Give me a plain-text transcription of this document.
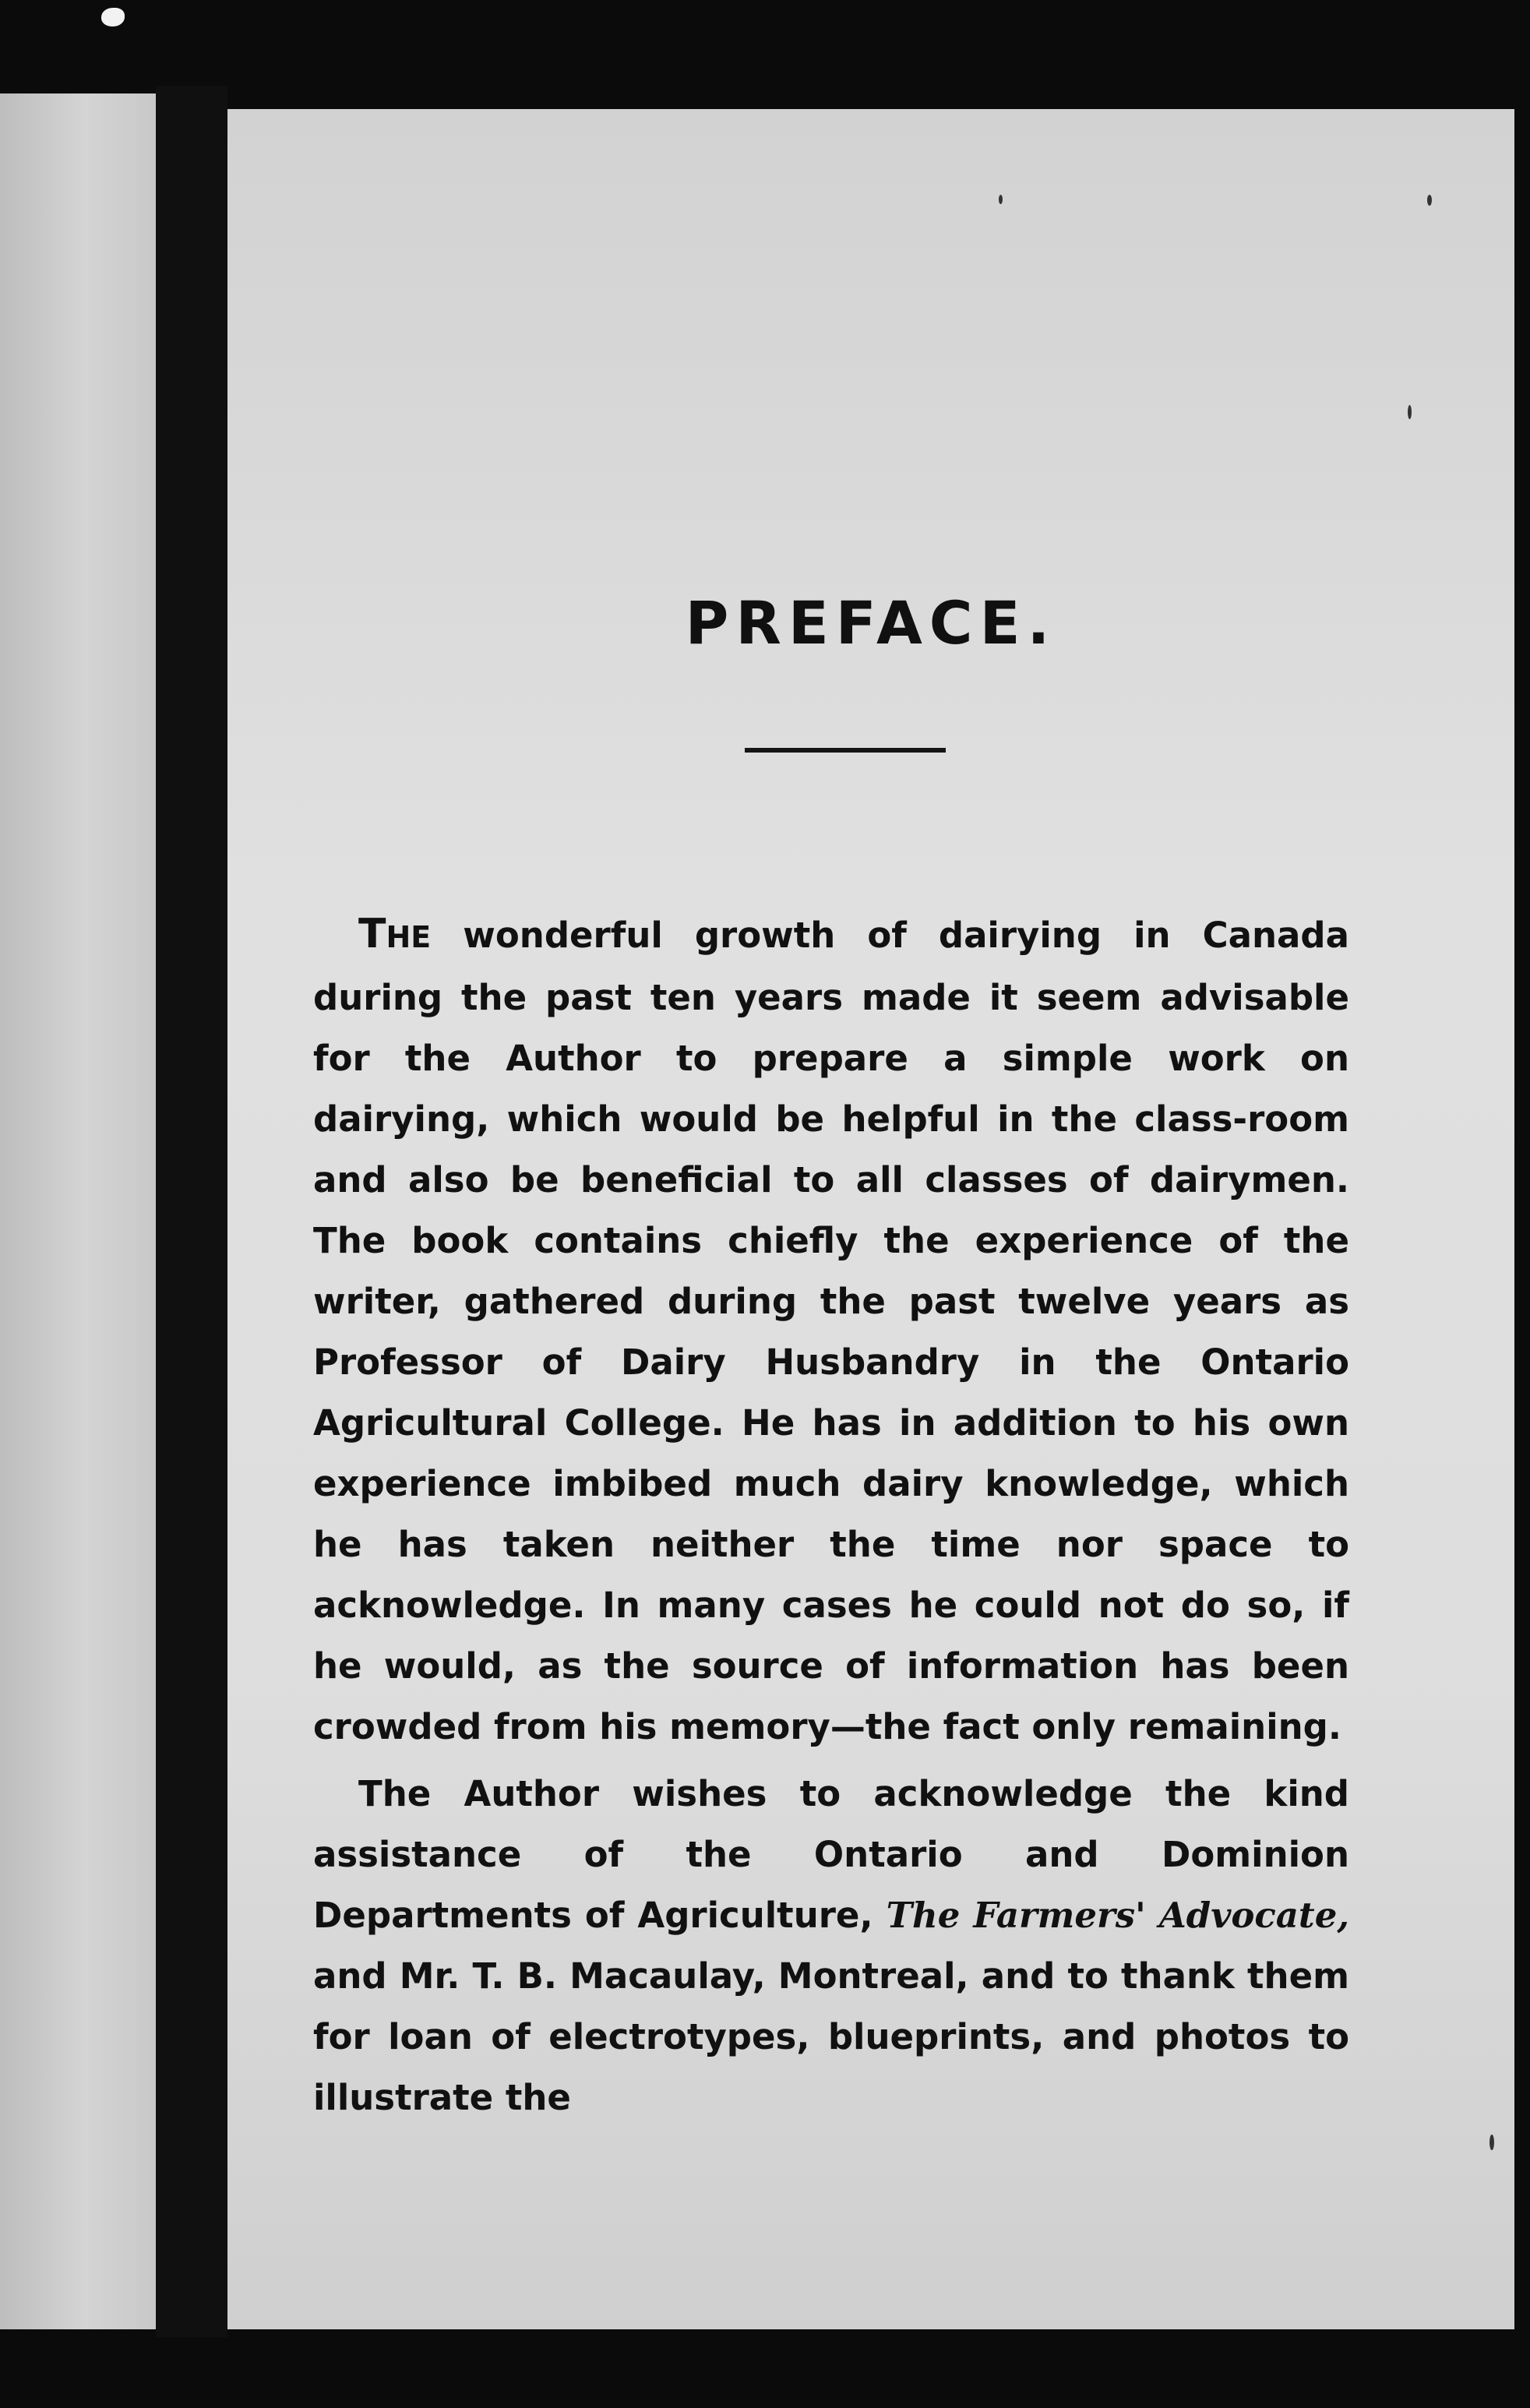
PREFACE.

THE wonderful growth of dairying in Canada during the past ten years made it seem advisable for the Author to prepare a simple work on dairying, which would be helpful in the class-room and also be beneficial to all classes of dairymen. The book contains chiefly the experience of the writer, gathered during the past twelve years as Professor of Dairy Husbandry in the Ontario Agricultural College. He has in addition to his own experience imbibed much dairy knowledge, which he has taken neither the time nor space to acknowledge. In many cases he could not do so, if he would, as the source of information has been crowded from his memory—the fact only remaining.

The Author wishes to acknowledge the kind assistance of the Ontario and Dominion Departments of Agriculture, The Farmers' Advocate, and Mr. T. B. Macaulay, Montreal, and to thank them for loan of electrotypes, blueprints, and photos to illustrate the
